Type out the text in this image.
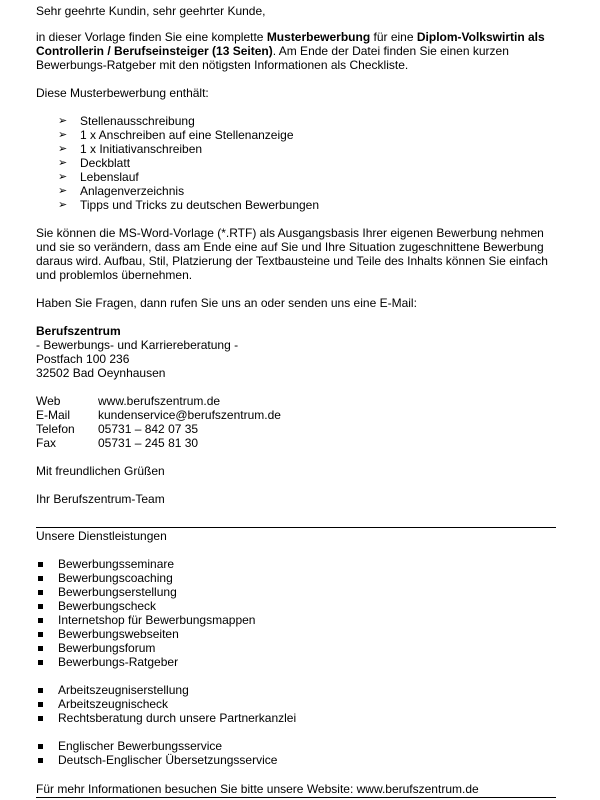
Sehr geehrte Kundin, sehr geehrter Kunde,

in dieser Vorlage finden Sie eine komplette Musterbewerbung für eine Diplom-Volkswirtin als Controllerin / Berufseinsteiger (13 Seiten). Am Ende der Datei finden Sie einen kurzen Bewerbungs-Ratgeber mit den nötigsten Informationen als Checkliste.

Diese Musterbewerbung enthält:

➢ Stellenausschreibung
➢ 1 x Anschreiben auf eine Stellenanzeige
➢ 1 x Initiativanschreiben
➢ Deckblatt
➢ Lebenslauf
➢ Anlagenverzeichnis
➢ Tipps und Tricks zu deutschen Bewerbungen

Sie können die MS-Word-Vorlage (*.RTF) als Ausgangsbasis Ihrer eigenen Bewerbung nehmen und sie so verändern, dass am Ende eine auf Sie und Ihre Situation zugeschnittene Bewerbung daraus wird. Aufbau, Stil, Platzierung der Textbausteine und Teile des Inhalts können Sie einfach und problemlos übernehmen.

Haben Sie Fragen, dann rufen Sie uns an oder senden uns eine E-Mail:

Berufszentrum

- Bewerbungs- und Karriereberatung -

Postfach 100 236

32502 Bad Oeynhausen

Web	www.berufszentrum.de
E-Mail	kundenservice@berufszentrum.de
Telefon	05731 – 842 07 35
Fax	05731 – 245 81 30

Mit freundlichen Grüßen

Ihr Berufszentrum-Team

Unsere Dienstleistungen

Bewerbungsseminare
Bewerbungscoaching
Bewerbungserstellung
Bewerbungscheck
Internetshop für Bewerbungsmappen
Bewerbungswebseiten
Bewerbungsforum
Bewerbungs-Ratgeber
Arbeitszeugniserstellung
Arbeitszeugnischeck
Rechtsberatung durch unsere Partnerkanzlei
Englischer Bewerbungsservice
Deutsch-Englischer Übersetzungsservice

Für mehr Informationen besuchen Sie bitte unsere Website: www.berufszentrum.de
